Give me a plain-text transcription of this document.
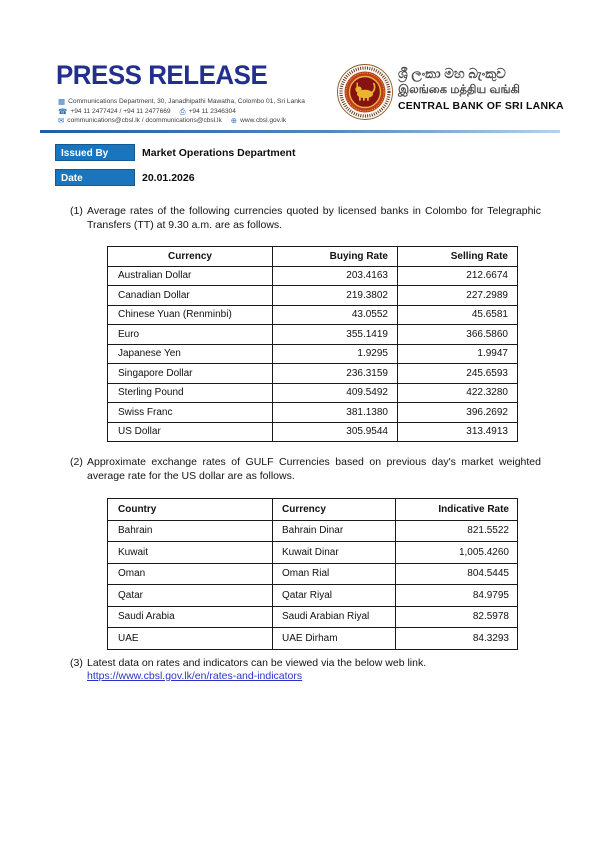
PRESS RELEASE
▦ Communications Department, 30, Janadhipathi Mawatha, Colombo 01, Sri Lanka
☎ +94 11 2477424 / +94 11 2477669 ⎙ +94 11 2346304
✉ communications@cbsl.lk / dcommunications@cbsl.lk ⊕ www.cbsl.gov.lk

ශ්‍රී ලංකා මහ බැංකුව

இலங்கை மத்திய வங்கி

CENTRAL BANK OF SRI LANKA

Issued By	Market Operations Department
Date	20.01.2026
(1) Average rates of the following currencies quoted by licensed banks in Colombo for Telegraphic Transfers (TT) at 9.30 a.m. are as follows.
Currency	Buying Rate	Selling Rate
Australian Dollar	203.4163	212.6674
Canadian Dollar	219.3802	227.2989
Chinese Yuan (Renminbi)	43.0552	45.6581
Euro	355.1419	366.5860
Japanese Yen	1.9295	1.9947
Singapore Dollar	236.3159	245.6593
Sterling Pound	409.5492	422.3280
Swiss Franc	381.1380	396.2692
US Dollar	305.9544	313.4913
(2) Approximate exchange rates of GULF Currencies based on previous day's market weighted average rate for the US dollar are as follows.
Country	Currency	Indicative Rate
Bahrain	Bahrain Dinar	821.5522
Kuwait	Kuwait Dinar	1,005.4260
Oman	Oman Rial	804.5445
Qatar	Qatar Riyal	84.9795
Saudi Arabia	Saudi Arabian Riyal	82.5978
UAE	UAE Dirham	84.3293
(3) Latest data on rates and indicators can be viewed via the below web link.
https://www.cbsl.gov.lk/en/rates-and-indicators
